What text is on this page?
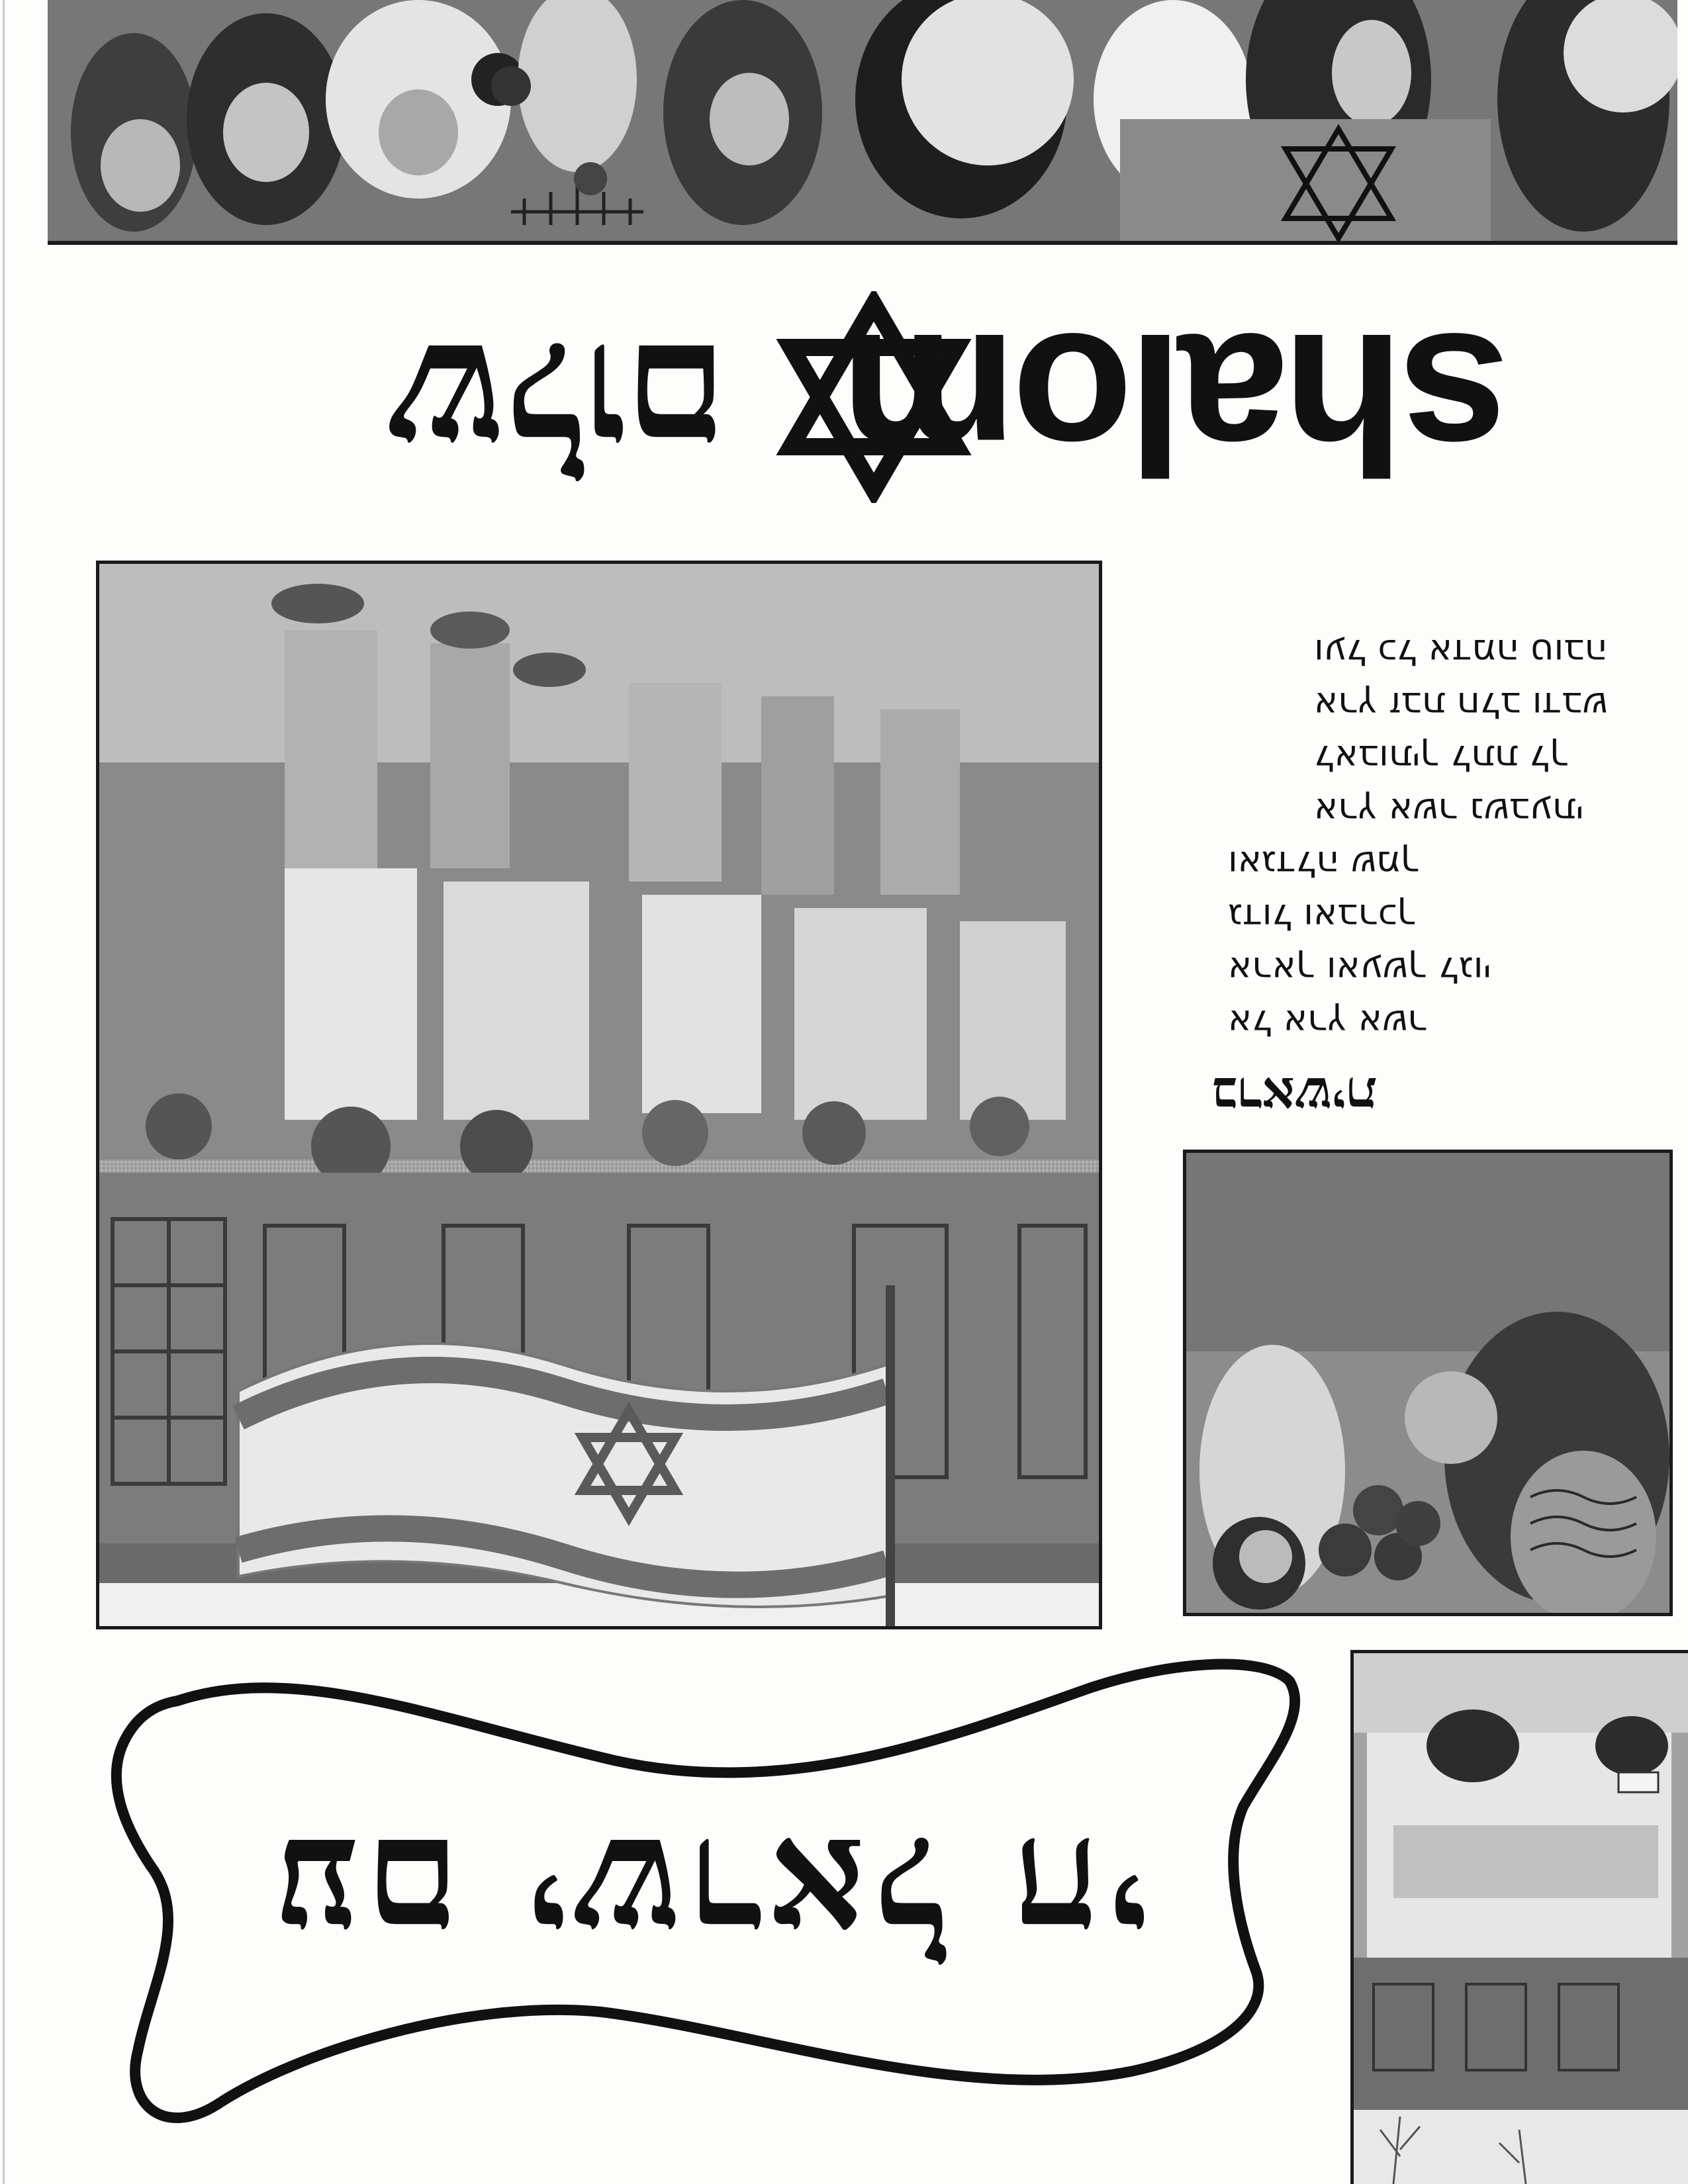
shalom
שלום
ארץ אשר נשבעתי
לאבותיך לתת לך
ארץ זבת חלב ודבש
ועל כל אדמה טובה
אל ארץ אשר
אראך ואעשך לגוי
גדול ואברכך
ואגדלה שמך
בראשית
עם ישראל חי
